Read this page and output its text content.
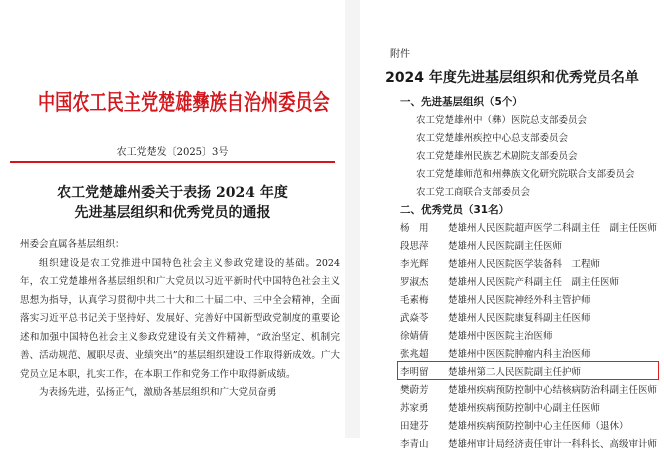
中国农工民主党楚雄彝族自治州委员会
农工党楚发〔2025〕3号
农工党楚雄州委关于表扬 2024 年度
先进基层组织和优秀党员的通报

州委会直属各基层组织：

组织建设是农工党推进中国特色社会主义参政党建设的基础。2024 年，农工党楚雄州各基层组织和广大党员以习近平新时代中国特色社会主义思想为指导，认真学习贯彻中共二十大和二十届二中、三中全会精神，全面落实习近平总书记关于坚持好、发展好、完善好中国新型政党制度的重要论述和加强中国特色社会主义参政党建设有关文件精神，“政治坚定、机制完善、活动规范、履职尽责、业绩突出”的基层组织建设工作取得新成效。广大党员立足本职，扎实工作，在本职工作和党务工作中取得新成绩。

为表扬先进，弘扬正气，激励各基层组织和广大党员奋勇

附件
2024 年度先进基层组织和优秀党员名单
一、先进基层组织（5个）
农工党楚雄州中（彝）医院总支部委员会
农工党楚雄州疾控中心总支部委员会
农工党楚雄州民族艺术剧院支部委员会
农工党楚雄师范和州彝族文化研究院联合支部委员会
农工党工商联合支部委员会
二、优秀党员（31名）
杨　用 楚雄州人民医院超声医学二科副主任　副主任医师
段思萍 楚雄州人民医院副主任医师
李光辉 楚雄州人民医院医学装备科　工程师
罗淑杰 楚雄州人民医院产科副主任　副主任医师
毛素梅 楚雄州人民医院神经外科主管护师
武焱苓 楚雄州人民医院康复科副主任医师
徐婧倩 楚雄州中医医院主治医师
张兆超 楚雄州中医医院肿瘤内科主治医师
李明留 楚雄州第二人民医院副主任护师
樊蔚芳 楚雄州疾病预防控制中心结核病防治科副主任医师
苏家勇 楚雄州疾病预防控制中心副主任医师
田建芬 楚雄州疾病预防控制中心主任医师（退休）
李青山 楚雄州审计局经济责任审计一科科长、高级审计师
